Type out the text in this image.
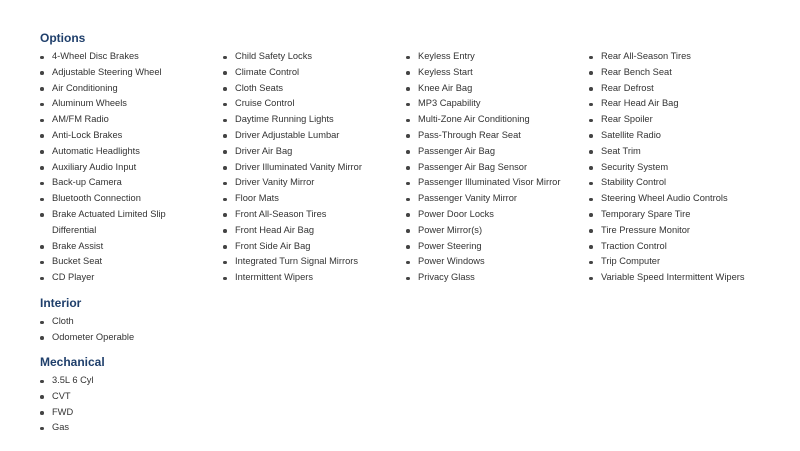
Options
4-Wheel Disc Brakes
Adjustable Steering Wheel
Air Conditioning
Aluminum Wheels
AM/FM Radio
Anti-Lock Brakes
Automatic Headlights
Auxiliary Audio Input
Back-up Camera
Bluetooth Connection
Brake Actuated Limited Slip Differential
Brake Assist
Bucket Seat
CD Player
Child Safety Locks
Climate Control
Cloth Seats
Cruise Control
Daytime Running Lights
Driver Adjustable Lumbar
Driver Air Bag
Driver Illuminated Vanity Mirror
Driver Vanity Mirror
Floor Mats
Front All-Season Tires
Front Head Air Bag
Front Side Air Bag
Integrated Turn Signal Mirrors
Intermittent Wipers
Keyless Entry
Keyless Start
Knee Air Bag
MP3 Capability
Multi-Zone Air Conditioning
Pass-Through Rear Seat
Passenger Air Bag
Passenger Air Bag Sensor
Passenger Illuminated Visor Mirror
Passenger Vanity Mirror
Power Door Locks
Power Mirror(s)
Power Steering
Power Windows
Privacy Glass
Rear All-Season Tires
Rear Bench Seat
Rear Defrost
Rear Head Air Bag
Rear Spoiler
Satellite Radio
Seat Trim
Security System
Stability Control
Steering Wheel Audio Controls
Temporary Spare Tire
Tire Pressure Monitor
Traction Control
Trip Computer
Variable Speed Intermittent Wipers
Interior
Cloth
Odometer Operable
Mechanical
3.5L 6 Cyl
CVT
FWD
Gas
